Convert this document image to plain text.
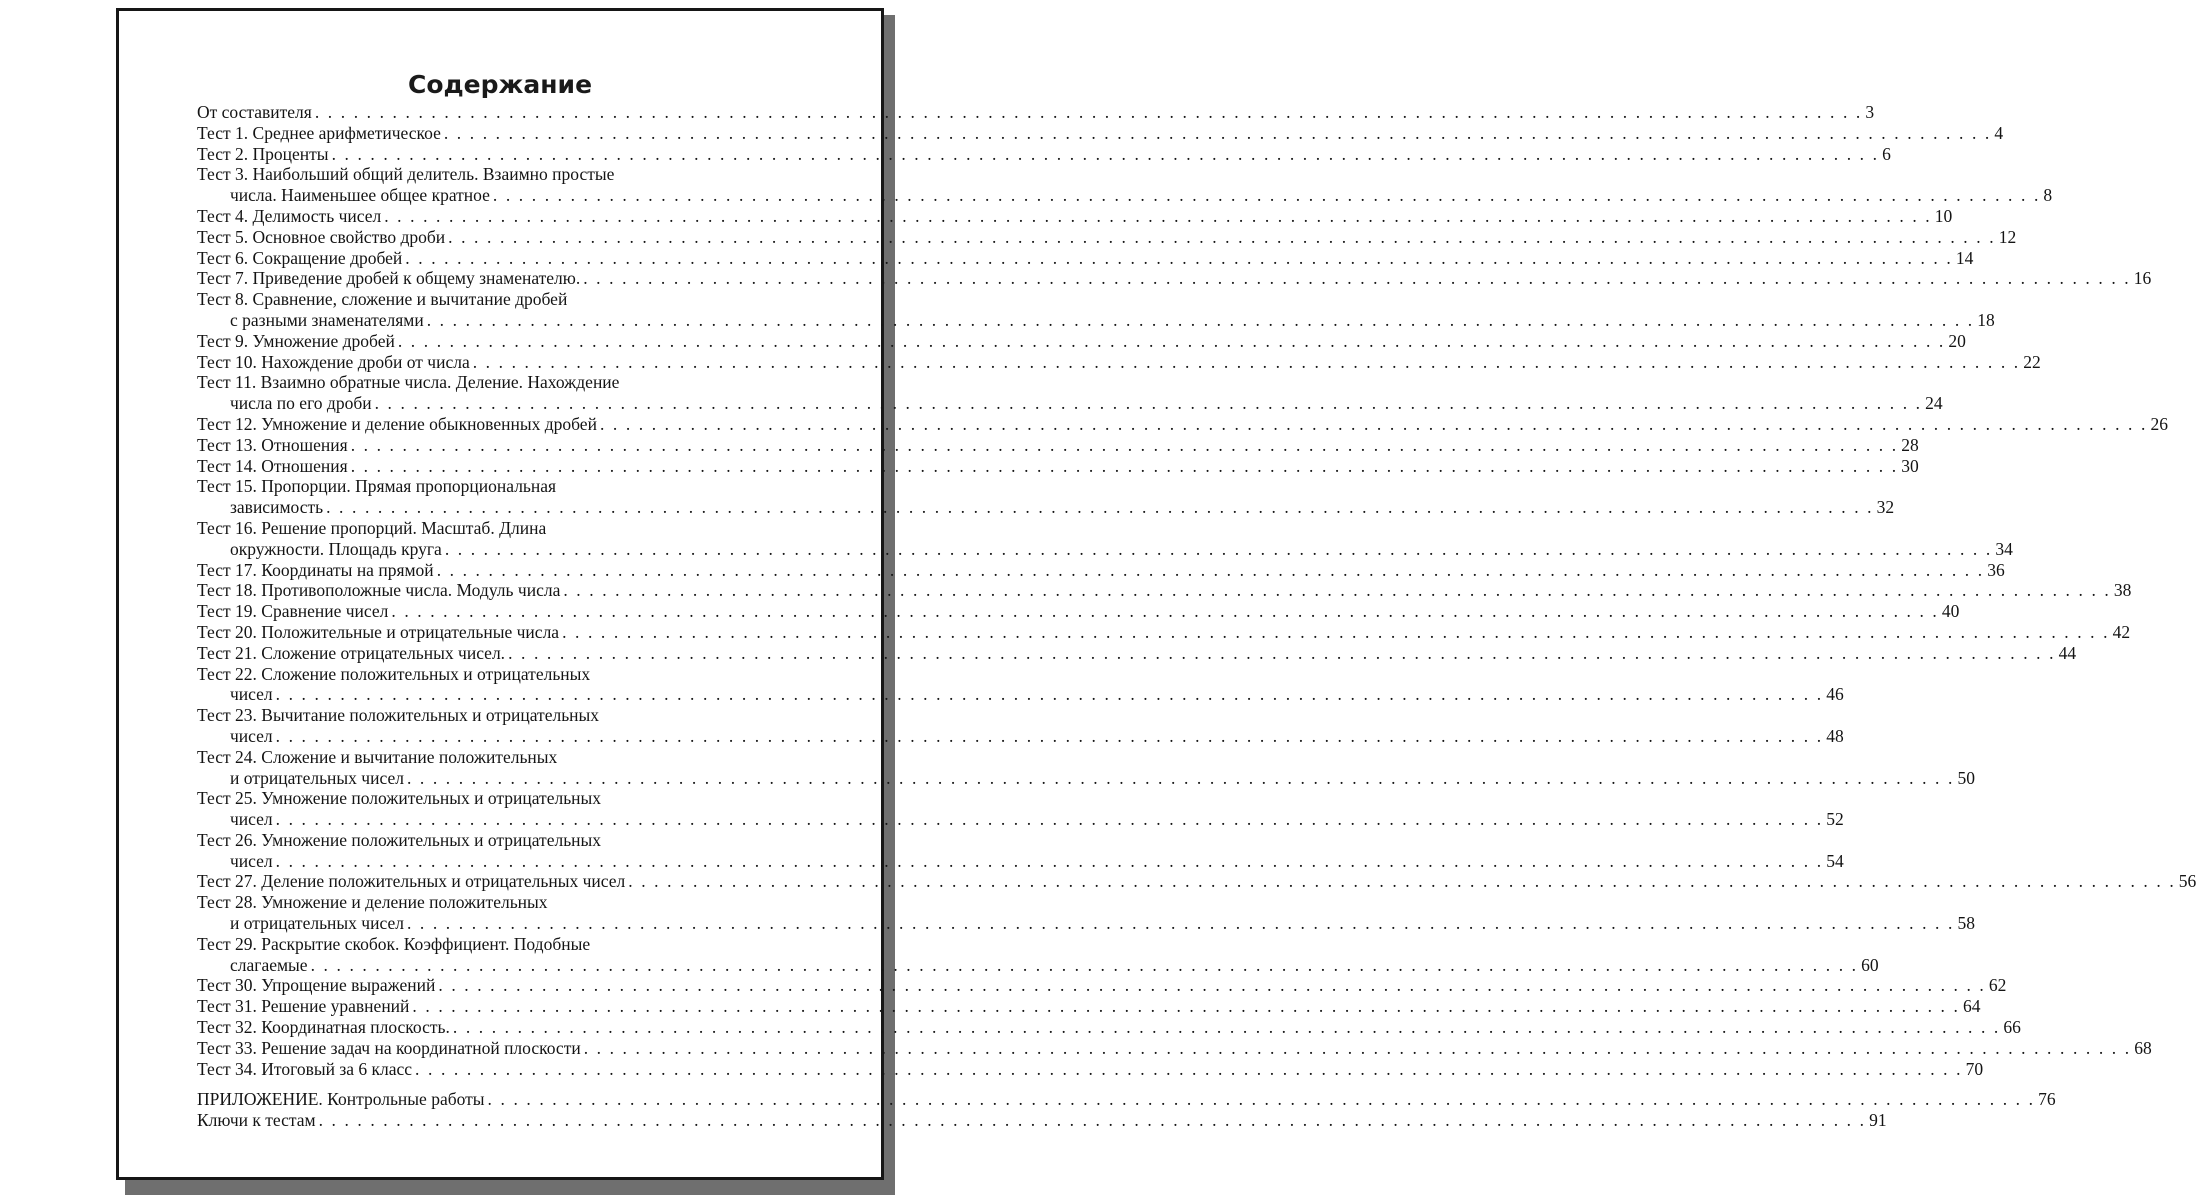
Содержание
От составителя . . . . . . . . . . . . . . . . . . . . . . . . . . . . . . . . . . . . . . . . . . . . . . . . . . . . . . . . . . . . . . . . . . . . . . . . . . . . . . . . . . . . . . . . . . . . . . . . . . . . . . . . . . . . . . . . . . . . . . . . 3
Тест 1. Среднее арифметическое . . . . . . . . . . . . . . . . . . . . . . . . . . . . . . . . . . . . . . . . . . . . . . . . . . . . . . . . . . . . . . . . . . . . . . . . . . . . . . . . . . . . . . . . . . . . . . . . . . . . . . . . . . . . . . . . . . . . . . . . 4
Тест 2. Проценты . . . . . . . . . . . . . . . . . . . . . . . . . . . . . . . . . . . . . . . . . . . . . . . . . . . . . . . . . . . . . . . . . . . . . . . . . . . . . . . . . . . . . . . . . . . . . . . . . . . . . . . . . . . . . . . . . . . . . . . . 6
Тест 3. Наибольший общий делитель. Взаимно простые
числа. Наименьшее общее кратное . . . . . . . . . . . . . . . . . . . . . . . . . . . . . . . . . . . . . . . . . . . . . . . . . . . . . . . . . . . . . . . . . . . . . . . . . . . . . . . . . . . . . . . . . . . . . . . . . . . . . . . . . . . . . . . . . . . . . . . . 8
Тест 4. Делимость чисел . . . . . . . . . . . . . . . . . . . . . . . . . . . . . . . . . . . . . . . . . . . . . . . . . . . . . . . . . . . . . . . . . . . . . . . . . . . . . . . . . . . . . . . . . . . . . . . . . . . . . . . . . . . . . . . . . . . . . . . . 10
Тест 5. Основное свойство дроби . . . . . . . . . . . . . . . . . . . . . . . . . . . . . . . . . . . . . . . . . . . . . . . . . . . . . . . . . . . . . . . . . . . . . . . . . . . . . . . . . . . . . . . . . . . . . . . . . . . . . . . . . . . . . . . . . . . . . . . . 12
Тест 6. Сокращение дробей . . . . . . . . . . . . . . . . . . . . . . . . . . . . . . . . . . . . . . . . . . . . . . . . . . . . . . . . . . . . . . . . . . . . . . . . . . . . . . . . . . . . . . . . . . . . . . . . . . . . . . . . . . . . . . . . . . . . . . . . 14
Тест 7. Приведение дробей к общему знаменателю. . . . . . . . . . . . . . . . . . . . . . . . . . . . . . . . . . . . . . . . . . . . . . . . . . . . . . . . . . . . . . . . . . . . . . . . . . . . . . . . . . . . . . . . . . . . . . . . . . . . . . . . . . . . . . . . . . . . . . . . . 16
Тест 8. Сравнение, сложение и вычитание дробей
с разными знаменателями . . . . . . . . . . . . . . . . . . . . . . . . . . . . . . . . . . . . . . . . . . . . . . . . . . . . . . . . . . . . . . . . . . . . . . . . . . . . . . . . . . . . . . . . . . . . . . . . . . . . . . . . . . . . . . . . . . . . . . . . 18
Тест 9. Умножение дробей . . . . . . . . . . . . . . . . . . . . . . . . . . . . . . . . . . . . . . . . . . . . . . . . . . . . . . . . . . . . . . . . . . . . . . . . . . . . . . . . . . . . . . . . . . . . . . . . . . . . . . . . . . . . . . . . . . . . . . . . 20
Тест 10. Нахождение дроби от числа . . . . . . . . . . . . . . . . . . . . . . . . . . . . . . . . . . . . . . . . . . . . . . . . . . . . . . . . . . . . . . . . . . . . . . . . . . . . . . . . . . . . . . . . . . . . . . . . . . . . . . . . . . . . . . . . . . . . . . . . 22
Тест 11. Взаимно обратные числа. Деление. Нахождение
числа по его дроби . . . . . . . . . . . . . . . . . . . . . . . . . . . . . . . . . . . . . . . . . . . . . . . . . . . . . . . . . . . . . . . . . . . . . . . . . . . . . . . . . . . . . . . . . . . . . . . . . . . . . . . . . . . . . . . . . . . . . . . . 24
Тест 12. Умножение и деление обыкновенных дробей . . . . . . . . . . . . . . . . . . . . . . . . . . . . . . . . . . . . . . . . . . . . . . . . . . . . . . . . . . . . . . . . . . . . . . . . . . . . . . . . . . . . . . . . . . . . . . . . . . . . . . . . . . . . . . . . . . . . . . . . 26
Тест 13. Отношения . . . . . . . . . . . . . . . . . . . . . . . . . . . . . . . . . . . . . . . . . . . . . . . . . . . . . . . . . . . . . . . . . . . . . . . . . . . . . . . . . . . . . . . . . . . . . . . . . . . . . . . . . . . . . . . . . . . . . . . . 28
Тест 14. Отношения . . . . . . . . . . . . . . . . . . . . . . . . . . . . . . . . . . . . . . . . . . . . . . . . . . . . . . . . . . . . . . . . . . . . . . . . . . . . . . . . . . . . . . . . . . . . . . . . . . . . . . . . . . . . . . . . . . . . . . . . 30
Тест 15. Пропорции. Прямая пропорциональная
зависимость . . . . . . . . . . . . . . . . . . . . . . . . . . . . . . . . . . . . . . . . . . . . . . . . . . . . . . . . . . . . . . . . . . . . . . . . . . . . . . . . . . . . . . . . . . . . . . . . . . . . . . . . . . . . . . . . . . . . . . . . 32
Тест 16. Решение пропорций. Масштаб. Длина
окружности. Площадь круга . . . . . . . . . . . . . . . . . . . . . . . . . . . . . . . . . . . . . . . . . . . . . . . . . . . . . . . . . . . . . . . . . . . . . . . . . . . . . . . . . . . . . . . . . . . . . . . . . . . . . . . . . . . . . . . . . . . . . . . . 34
Тест 17. Координаты на прямой . . . . . . . . . . . . . . . . . . . . . . . . . . . . . . . . . . . . . . . . . . . . . . . . . . . . . . . . . . . . . . . . . . . . . . . . . . . . . . . . . . . . . . . . . . . . . . . . . . . . . . . . . . . . . . . . . . . . . . . . 36
Тест 18. Противоположные числа. Модуль числа . . . . . . . . . . . . . . . . . . . . . . . . . . . . . . . . . . . . . . . . . . . . . . . . . . . . . . . . . . . . . . . . . . . . . . . . . . . . . . . . . . . . . . . . . . . . . . . . . . . . . . . . . . . . . . . . . . . . . . . . 38
Тест 19. Сравнение чисел . . . . . . . . . . . . . . . . . . . . . . . . . . . . . . . . . . . . . . . . . . . . . . . . . . . . . . . . . . . . . . . . . . . . . . . . . . . . . . . . . . . . . . . . . . . . . . . . . . . . . . . . . . . . . . . . . . . . . . . . 40
Тест 20. Положительные и отрицательные числа . . . . . . . . . . . . . . . . . . . . . . . . . . . . . . . . . . . . . . . . . . . . . . . . . . . . . . . . . . . . . . . . . . . . . . . . . . . . . . . . . . . . . . . . . . . . . . . . . . . . . . . . . . . . . . . . . . . . . . . . 42
Тест 21. Сложение отрицательных чисел. . . . . . . . . . . . . . . . . . . . . . . . . . . . . . . . . . . . . . . . . . . . . . . . . . . . . . . . . . . . . . . . . . . . . . . . . . . . . . . . . . . . . . . . . . . . . . . . . . . . . . . . . . . . . . . . . . . . . . . . . 44
Тест 22. Сложение положительных и отрицательных
чисел . . . . . . . . . . . . . . . . . . . . . . . . . . . . . . . . . . . . . . . . . . . . . . . . . . . . . . . . . . . . . . . . . . . . . . . . . . . . . . . . . . . . . . . . . . . . . . . . . . . . . . . . . . . . . . . . . . . . . . . . 46
Тест 23. Вычитание положительных и отрицательных
чисел . . . . . . . . . . . . . . . . . . . . . . . . . . . . . . . . . . . . . . . . . . . . . . . . . . . . . . . . . . . . . . . . . . . . . . . . . . . . . . . . . . . . . . . . . . . . . . . . . . . . . . . . . . . . . . . . . . . . . . . . 48
Тест 24. Сложение и вычитание положительных
и отрицательных чисел . . . . . . . . . . . . . . . . . . . . . . . . . . . . . . . . . . . . . . . . . . . . . . . . . . . . . . . . . . . . . . . . . . . . . . . . . . . . . . . . . . . . . . . . . . . . . . . . . . . . . . . . . . . . . . . . . . . . . . . . 50
Тест 25. Умножение положительных и отрицательных
чисел . . . . . . . . . . . . . . . . . . . . . . . . . . . . . . . . . . . . . . . . . . . . . . . . . . . . . . . . . . . . . . . . . . . . . . . . . . . . . . . . . . . . . . . . . . . . . . . . . . . . . . . . . . . . . . . . . . . . . . . . 52
Тест 26. Умножение положительных и отрицательных
чисел . . . . . . . . . . . . . . . . . . . . . . . . . . . . . . . . . . . . . . . . . . . . . . . . . . . . . . . . . . . . . . . . . . . . . . . . . . . . . . . . . . . . . . . . . . . . . . . . . . . . . . . . . . . . . . . . . . . . . . . . 54
Тест 27. Деление положительных и отрицательных чисел . . . . . . . . . . . . . . . . . . . . . . . . . . . . . . . . . . . . . . . . . . . . . . . . . . . . . . . . . . . . . . . . . . . . . . . . . . . . . . . . . . . . . . . . . . . . . . . . . . . . . . . . . . . . . . . . . . . . . . . . 56
Тест 28. Умножение и деление положительных
и отрицательных чисел . . . . . . . . . . . . . . . . . . . . . . . . . . . . . . . . . . . . . . . . . . . . . . . . . . . . . . . . . . . . . . . . . . . . . . . . . . . . . . . . . . . . . . . . . . . . . . . . . . . . . . . . . . . . . . . . . . . . . . . . 58
Тест 29. Раскрытие скобок. Коэффициент. Подобные
слагаемые . . . . . . . . . . . . . . . . . . . . . . . . . . . . . . . . . . . . . . . . . . . . . . . . . . . . . . . . . . . . . . . . . . . . . . . . . . . . . . . . . . . . . . . . . . . . . . . . . . . . . . . . . . . . . . . . . . . . . . . . 60
Тест 30. Упрощение выражений . . . . . . . . . . . . . . . . . . . . . . . . . . . . . . . . . . . . . . . . . . . . . . . . . . . . . . . . . . . . . . . . . . . . . . . . . . . . . . . . . . . . . . . . . . . . . . . . . . . . . . . . . . . . . . . . . . . . . . . . 62
Тест 31. Решение уравнений . . . . . . . . . . . . . . . . . . . . . . . . . . . . . . . . . . . . . . . . . . . . . . . . . . . . . . . . . . . . . . . . . . . . . . . . . . . . . . . . . . . . . . . . . . . . . . . . . . . . . . . . . . . . . . . . . . . . . . . . 64
Тест 32. Координатная плоскость. . . . . . . . . . . . . . . . . . . . . . . . . . . . . . . . . . . . . . . . . . . . . . . . . . . . . . . . . . . . . . . . . . . . . . . . . . . . . . . . . . . . . . . . . . . . . . . . . . . . . . . . . . . . . . . . . . . . . . . . . 66
Тест 33. Решение задач на координатной плоскости . . . . . . . . . . . . . . . . . . . . . . . . . . . . . . . . . . . . . . . . . . . . . . . . . . . . . . . . . . . . . . . . . . . . . . . . . . . . . . . . . . . . . . . . . . . . . . . . . . . . . . . . . . . . . . . . . . . . . . . . 68
Тест 34. Итоговый за 6 класс . . . . . . . . . . . . . . . . . . . . . . . . . . . . . . . . . . . . . . . . . . . . . . . . . . . . . . . . . . . . . . . . . . . . . . . . . . . . . . . . . . . . . . . . . . . . . . . . . . . . . . . . . . . . . . . . . . . . . . . . 70
ПРИЛОЖЕНИЕ. Контрольные работы . . . . . . . . . . . . . . . . . . . . . . . . . . . . . . . . . . . . . . . . . . . . . . . . . . . . . . . . . . . . . . . . . . . . . . . . . . . . . . . . . . . . . . . . . . . . . . . . . . . . . . . . . . . . . . . . . . . . . . . . 76
Ключи к тестам . . . . . . . . . . . . . . . . . . . . . . . . . . . . . . . . . . . . . . . . . . . . . . . . . . . . . . . . . . . . . . . . . . . . . . . . . . . . . . . . . . . . . . . . . . . . . . . . . . . . . . . . . . . . . . . . . . . . . . . . 91
